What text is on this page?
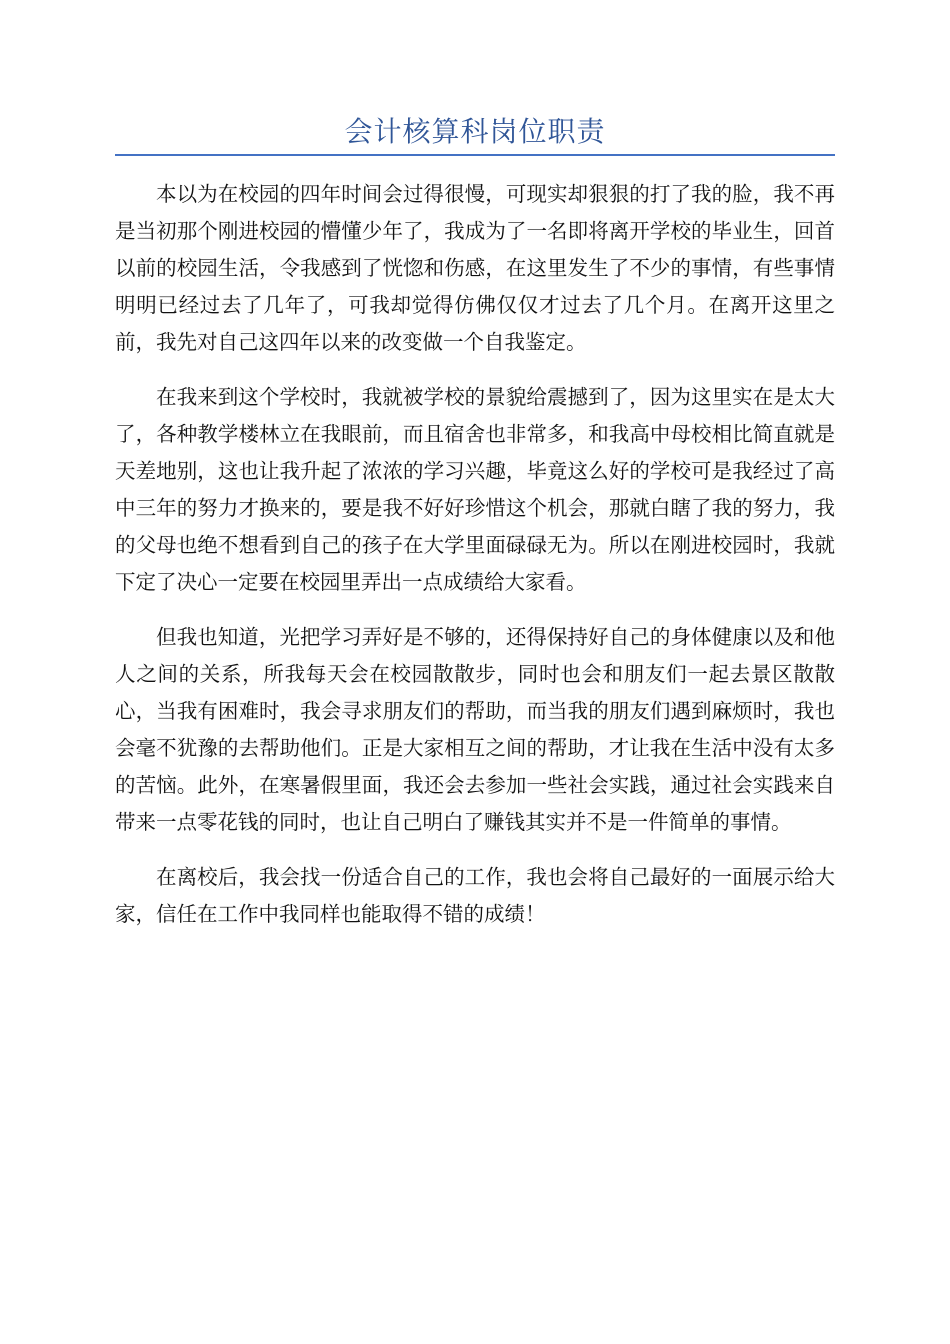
会计核算科岗位职责

本以为在校园的四年时间会过得很慢，可现实却狠狠的打了我的脸，我不再是当初那个刚进校园的懵懂少年了，我成为了一名即将离开学校的毕业生，回首以前的校园生活，令我感到了恍惚和伤感，在这里发生了不少的事情，有些事情明明已经过去了几年了，可我却觉得仿佛仅仅才过去了几个月。在离开这里之前，我先对自己这四年以来的改变做一个自我鉴定。

在我来到这个学校时，我就被学校的景貌给震撼到了，因为这里实在是太大了，各种教学楼林立在我眼前，而且宿舍也非常多，和我高中母校相比简直就是天差地别，这也让我升起了浓浓的学习兴趣，毕竟这么好的学校可是我经过了高中三年的努力才换来的，要是我不好好珍惜这个机会，那就白瞎了我的努力，我的父母也绝不想看到自己的孩子在大学里面碌碌无为。所以在刚进校园时，我就下定了决心一定要在校园里弄出一点成绩给大家看。

但我也知道，光把学习弄好是不够的，还得保持好自己的身体健康以及和他人之间的关系，所我每天会在校园散散步，同时也会和朋友们一起去景区散散心，当我有困难时，我会寻求朋友们的帮助，而当我的朋友们遇到麻烦时，我也会毫不犹豫的去帮助他们。正是大家相互之间的帮助，才让我在生活中没有太多的苦恼。此外，在寒暑假里面，我还会去参加一些社会实践，通过社会实践来自带来一点零花钱的同时，也让自己明白了赚钱其实并不是一件简单的事情。

在离校后，我会找一份适合自己的工作，我也会将自己最好的一面展示给大家，信任在工作中我同样也能取得不错的成绩！
